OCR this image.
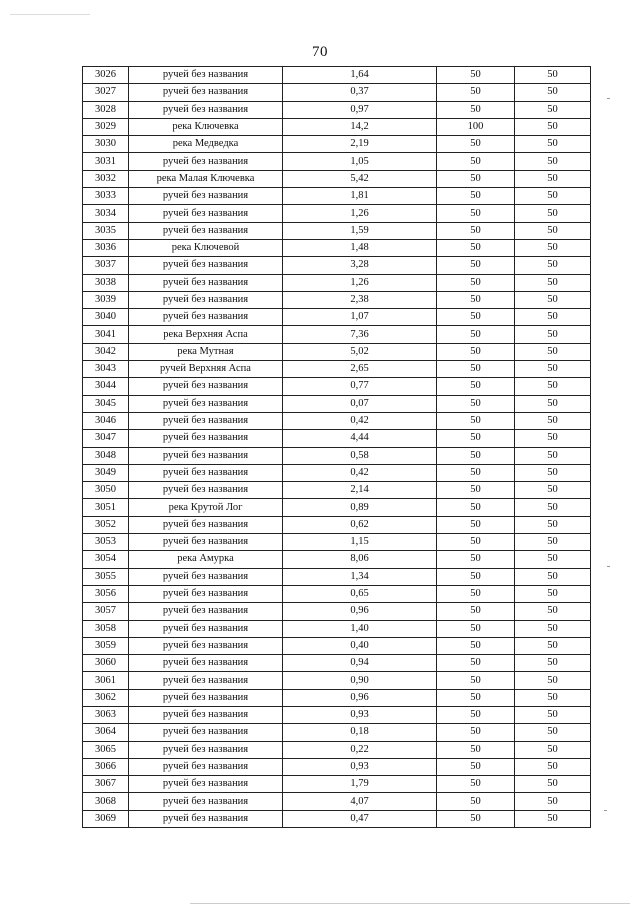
70
3026	ручей без названия	1,64	50	50
3027	ручей без названия	0,37	50	50
3028	ручей без названия	0,97	50	50
3029	река Ключевка	14,2	100	50
3030	река Медведка	2,19	50	50
3031	ручей без названия	1,05	50	50
3032	река Малая Ключевка	5,42	50	50
3033	ручей без названия	1,81	50	50
3034	ручей без названия	1,26	50	50
3035	ручей без названия	1,59	50	50
3036	река Ключевой	1,48	50	50
3037	ручей без названия	3,28	50	50
3038	ручей без названия	1,26	50	50
3039	ручей без названия	2,38	50	50
3040	ручей без названия	1,07	50	50
3041	река Верхняя Аспа	7,36	50	50
3042	река Мутная	5,02	50	50
3043	ручей Верхняя Аспа	2,65	50	50
3044	ручей без названия	0,77	50	50
3045	ручей без названия	0,07	50	50
3046	ручей без названия	0,42	50	50
3047	ручей без названия	4,44	50	50
3048	ручей без названия	0,58	50	50
3049	ручей без названия	0,42	50	50
3050	ручей без названия	2,14	50	50
3051	река Крутой Лог	0,89	50	50
3052	ручей без названия	0,62	50	50
3053	ручей без названия	1,15	50	50
3054	река Амурка	8,06	50	50
3055	ручей без названия	1,34	50	50
3056	ручей без названия	0,65	50	50
3057	ручей без названия	0,96	50	50
3058	ручей без названия	1,40	50	50
3059	ручей без названия	0,40	50	50
3060	ручей без названия	0,94	50	50
3061	ручей без названия	0,90	50	50
3062	ручей без названия	0,96	50	50
3063	ручей без названия	0,93	50	50
3064	ручей без названия	0,18	50	50
3065	ручей без названия	0,22	50	50
3066	ручей без названия	0,93	50	50
3067	ручей без названия	1,79	50	50
3068	ручей без названия	4,07	50	50
3069	ручей без названия	0,47	50	50
